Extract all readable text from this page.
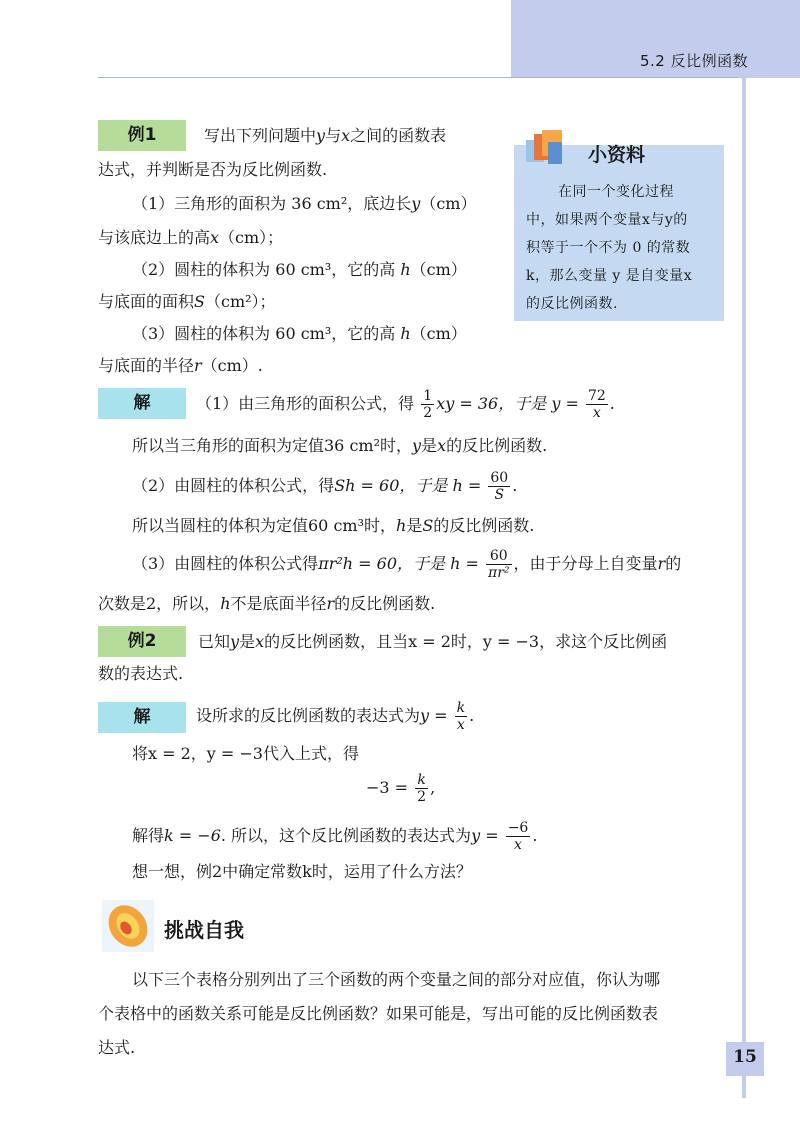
5.2 反比例函数
例1	写出下列问题中y与x之间的函数表
达式，并判断是否为反比例函数.
（1）三角形的面积为 36 cm²，底边长y（cm）
与该底边上的高x（cm）；
（2）圆柱的体积为 60 cm³，它的高 h（cm）
与底面的面积S（cm²）；
（3）圆柱的体积为 60 cm³，它的高 h（cm）
与底面的半径r（cm）.
小资料
在同一个变化过程
中，如果两个变量x与y的
积等于一个不为 0 的常数
k，那么变量 y 是自变量x
的反比例函数.
解	（1）由三角形的面积公式，得 $\frac{1}{2}$ xy = 36，于是 $y = \frac{72}{x}$ .
所以当三角形的面积为定值36 cm²时，y是x的反比例函数.
（2）由圆柱的体积公式，得Sh = 60，于是 $h = \frac{60}{S}$ .
所以当圆柱的体积为定值60 cm³时，h是S的反比例函数.
（3）由圆柱的体积公式得πr²h = 60，于是 $h = \frac{60}{\text{πr²}}$ ，由于分母上自变量r的
次数是2，所以，h不是底面半径r的反比例函数.
例2	已知y是x的反比例函数，且当x = 2时，y = −3，求这个反比例函
数的表达式.
解	设所求的反比例函数的表达式为$y = \frac{k}{x}$ .
将x = 2，y = −3代入上式，得
$-3 = \frac{k}{2}$ ,
解得k = −6. 所以，这个反比例函数的表达式为$y = \frac{-6}{x}$ .
想一想，例2中确定常数k时，运用了什么方法？
挑战自我
以下三个表格分别列出了三个函数的两个变量之间的部分对应值，你认为哪
个表格中的函数关系可能是反比例函数？如果可能是，写出可能的反比例函数表
达式.	15
